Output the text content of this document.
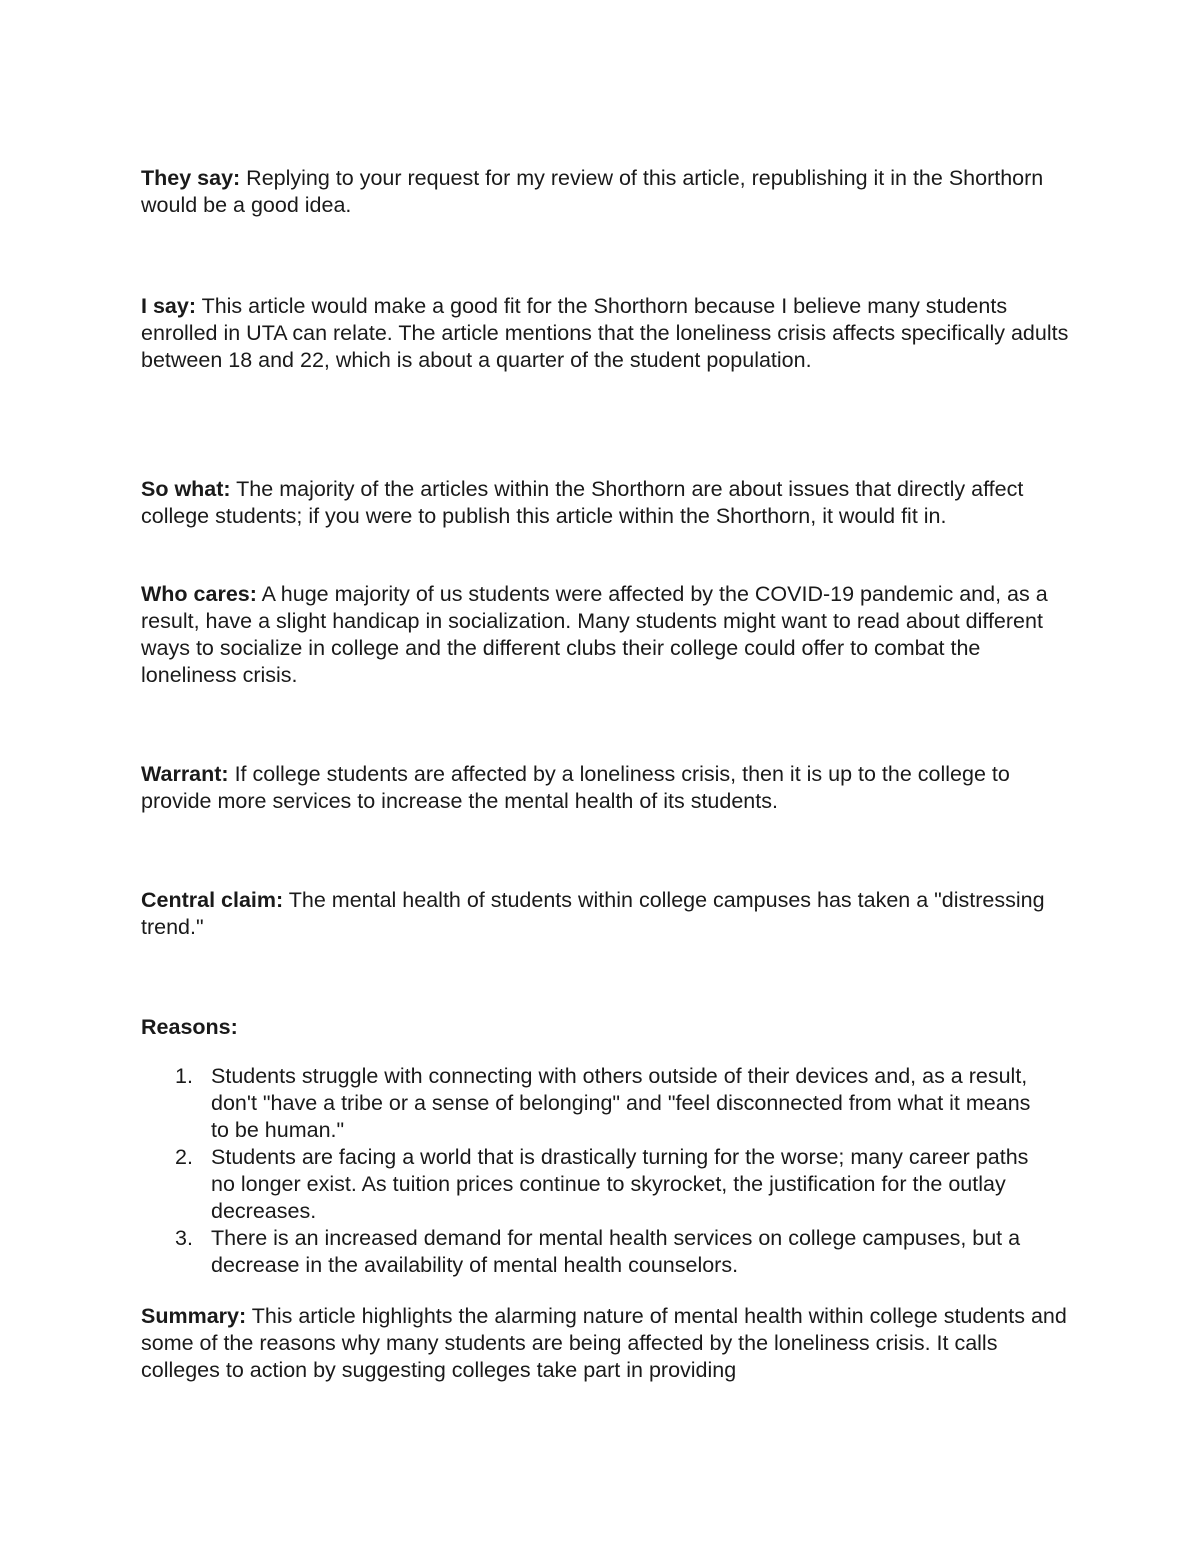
They say: Replying to your request for my review of this article, republishing it in the Shorthorn would be a good idea.

I say: This article would make a good fit for the Shorthorn because I believe many students enrolled in UTA can relate. The article mentions that the loneliness crisis affects specifically adults between 18 and 22, which is about a quarter of the student population.

So what: The majority of the articles within the Shorthorn are about issues that directly affect college students; if you were to publish this article within the Shorthorn, it would fit in.

Who cares: A huge majority of us students were affected by the COVID-19 pandemic and, as a result, have a slight handicap in socialization. Many students might want to read about different ways to socialize in college and the different clubs their college could offer to combat the loneliness crisis.

Warrant: If college students are affected by a loneliness crisis, then it is up to the college to provide more services to increase the mental health of its students.

Central claim: The mental health of students within college campuses has taken a "distressing trend."

Reasons:

1. Students struggle with connecting with others outside of their devices and, as a result, don't "have a tribe or a sense of belonging" and "feel disconnected from what it means to be human."
2. Students are facing a world that is drastically turning for the worse; many career paths no longer exist. As tuition prices continue to skyrocket, the justification for the outlay decreases.
3. There is an increased demand for mental health services on college campuses, but a decrease in the availability of mental health counselors.

Summary: This article highlights the alarming nature of mental health within college students and some of the reasons why many students are being affected by the loneliness crisis. It calls colleges to action by suggesting colleges take part in providing
